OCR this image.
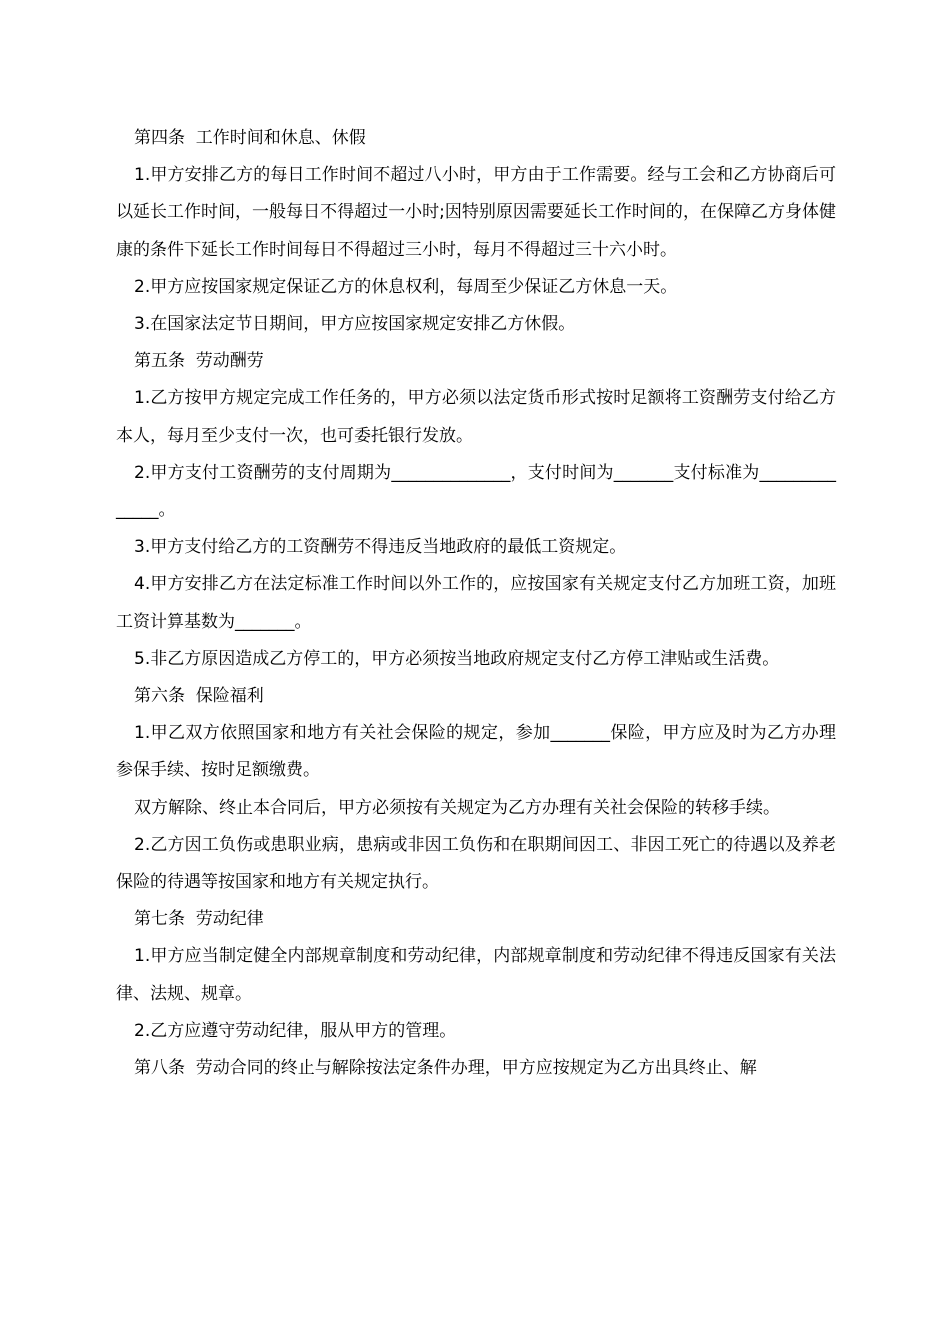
第四条  工作时间和休息、休假

1.甲方安排乙方的每日工作时间不超过八小时，甲方由于工作需要。经与工会和乙方协商后可以延长工作时间，一般每日不得超过一小时;因特别原因需要延长工作时间的，在保障乙方身体健康的条件下延长工作时间每日不得超过三小时，每月不得超过三十六小时。

2.甲方应按国家规定保证乙方的休息权利，每周至少保证乙方休息一天。

3.在国家法定节日期间，甲方应按国家规定安排乙方休假。

第五条  劳动酬劳

1.乙方按甲方规定完成工作任务的，甲方必须以法定货币形式按时足额将工资酬劳支付给乙方本人，每月至少支付一次，也可委托银行发放。

2.甲方支付工资酬劳的支付周期为______________，支付时间为_______支付标准为______________。

3.甲方支付给乙方的工资酬劳不得违反当地政府的最低工资规定。

4.甲方安排乙方在法定标准工作时间以外工作的，应按国家有关规定支付乙方加班工资，加班工资计算基数为_______。

5.非乙方原因造成乙方停工的，甲方必须按当地政府规定支付乙方停工津贴或生活费。

第六条  保险福利

1.甲乙双方依照国家和地方有关社会保险的规定，参加_______保险，甲方应及时为乙方办理参保手续、按时足额缴费。

双方解除、终止本合同后，甲方必须按有关规定为乙方办理有关社会保险的转移手续。

2.乙方因工负伤或患职业病，患病或非因工负伤和在职期间因工、非因工死亡的待遇以及养老保险的待遇等按国家和地方有关规定执行。

第七条  劳动纪律

1.甲方应当制定健全内部规章制度和劳动纪律，内部规章制度和劳动纪律不得违反国家有关法律、法规、规章。

2.乙方应遵守劳动纪律，服从甲方的管理。

第八条  劳动合同的终止与解除按法定条件办理，甲方应按规定为乙方出具终止、解
